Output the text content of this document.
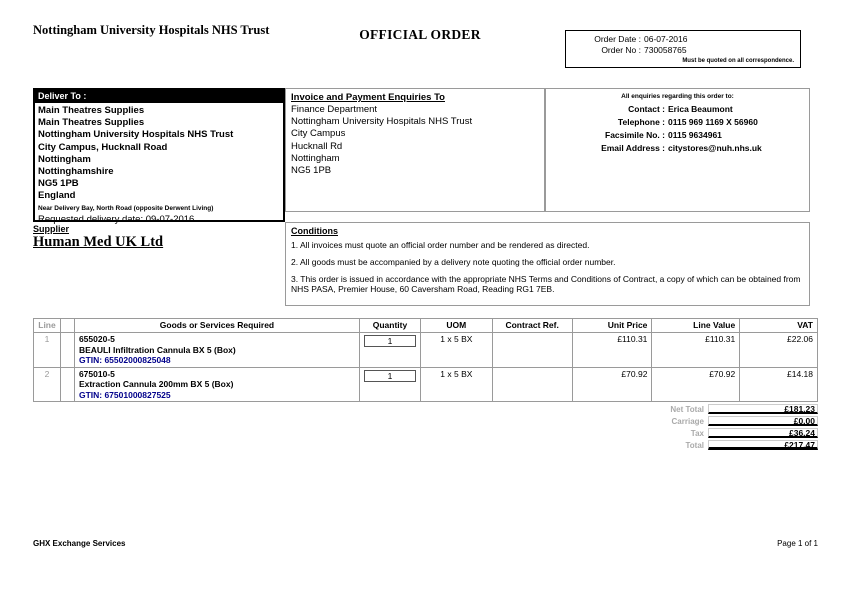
Nottingham University Hospitals NHS Trust	OFFICIAL ORDER	Order Date : 06-07-2016
Order No : 730058765
Must be quoted on all correspondence.
Deliver To :
Main Theatres Supplies
Main Theatres Supplies
Nottingham University Hospitals NHS Trust
City Campus, Hucknall Road
Nottingham
Nottinghamshire
NG5 1PB
England
Near Delivery Bay, North Road (opposite Derwent Living)
Requested delivery date: 09-07-2016
Invoice and Payment Enquiries To
Finance Department
Nottingham University Hospitals NHS Trust
City Campus
Hucknall Rd
Nottingham
NG5 1PB
All enquiries regarding this order to:
Contact : Erica Beaumont
Telephone : 0115 969 1169 X 56960
Facsimile No. : 0115 9634961
Email Address : citystores@nuh.nhs.uk
Supplier
Human Med UK Ltd
Conditions

1. All invoices must quote an official order number and be rendered as directed.

2. All goods must be accompanied by a delivery note quoting the official order number.

3. This order is issued in accordance with the appropriate NHS Terms and Conditions of Contract, a copy of which can be obtained from NHS PASA, Premier House, 60 Caversham Road, Reading RG1 7EB.

Line		Goods or Services Required	Quantity	UOM	Contract Ref.	Unit Price	Line Value	VAT
1		655020-5
BEAULI Infiltration Cannula BX 5 (Box)
GTIN: 65502000825048	1	1 x 5 BX		£110.31	£110.31	£22.06
2		675010-5
Extraction Cannula 200mm BX 5 (Box)
GTIN: 67501000827525	1	1 x 5 BX		£70.92	£70.92	£14.18
Net Total	£181.23
Carriage	£0.00
Tax	£36.24
Total	£217.47
GHX Exchange Services	Page 1 of 1
